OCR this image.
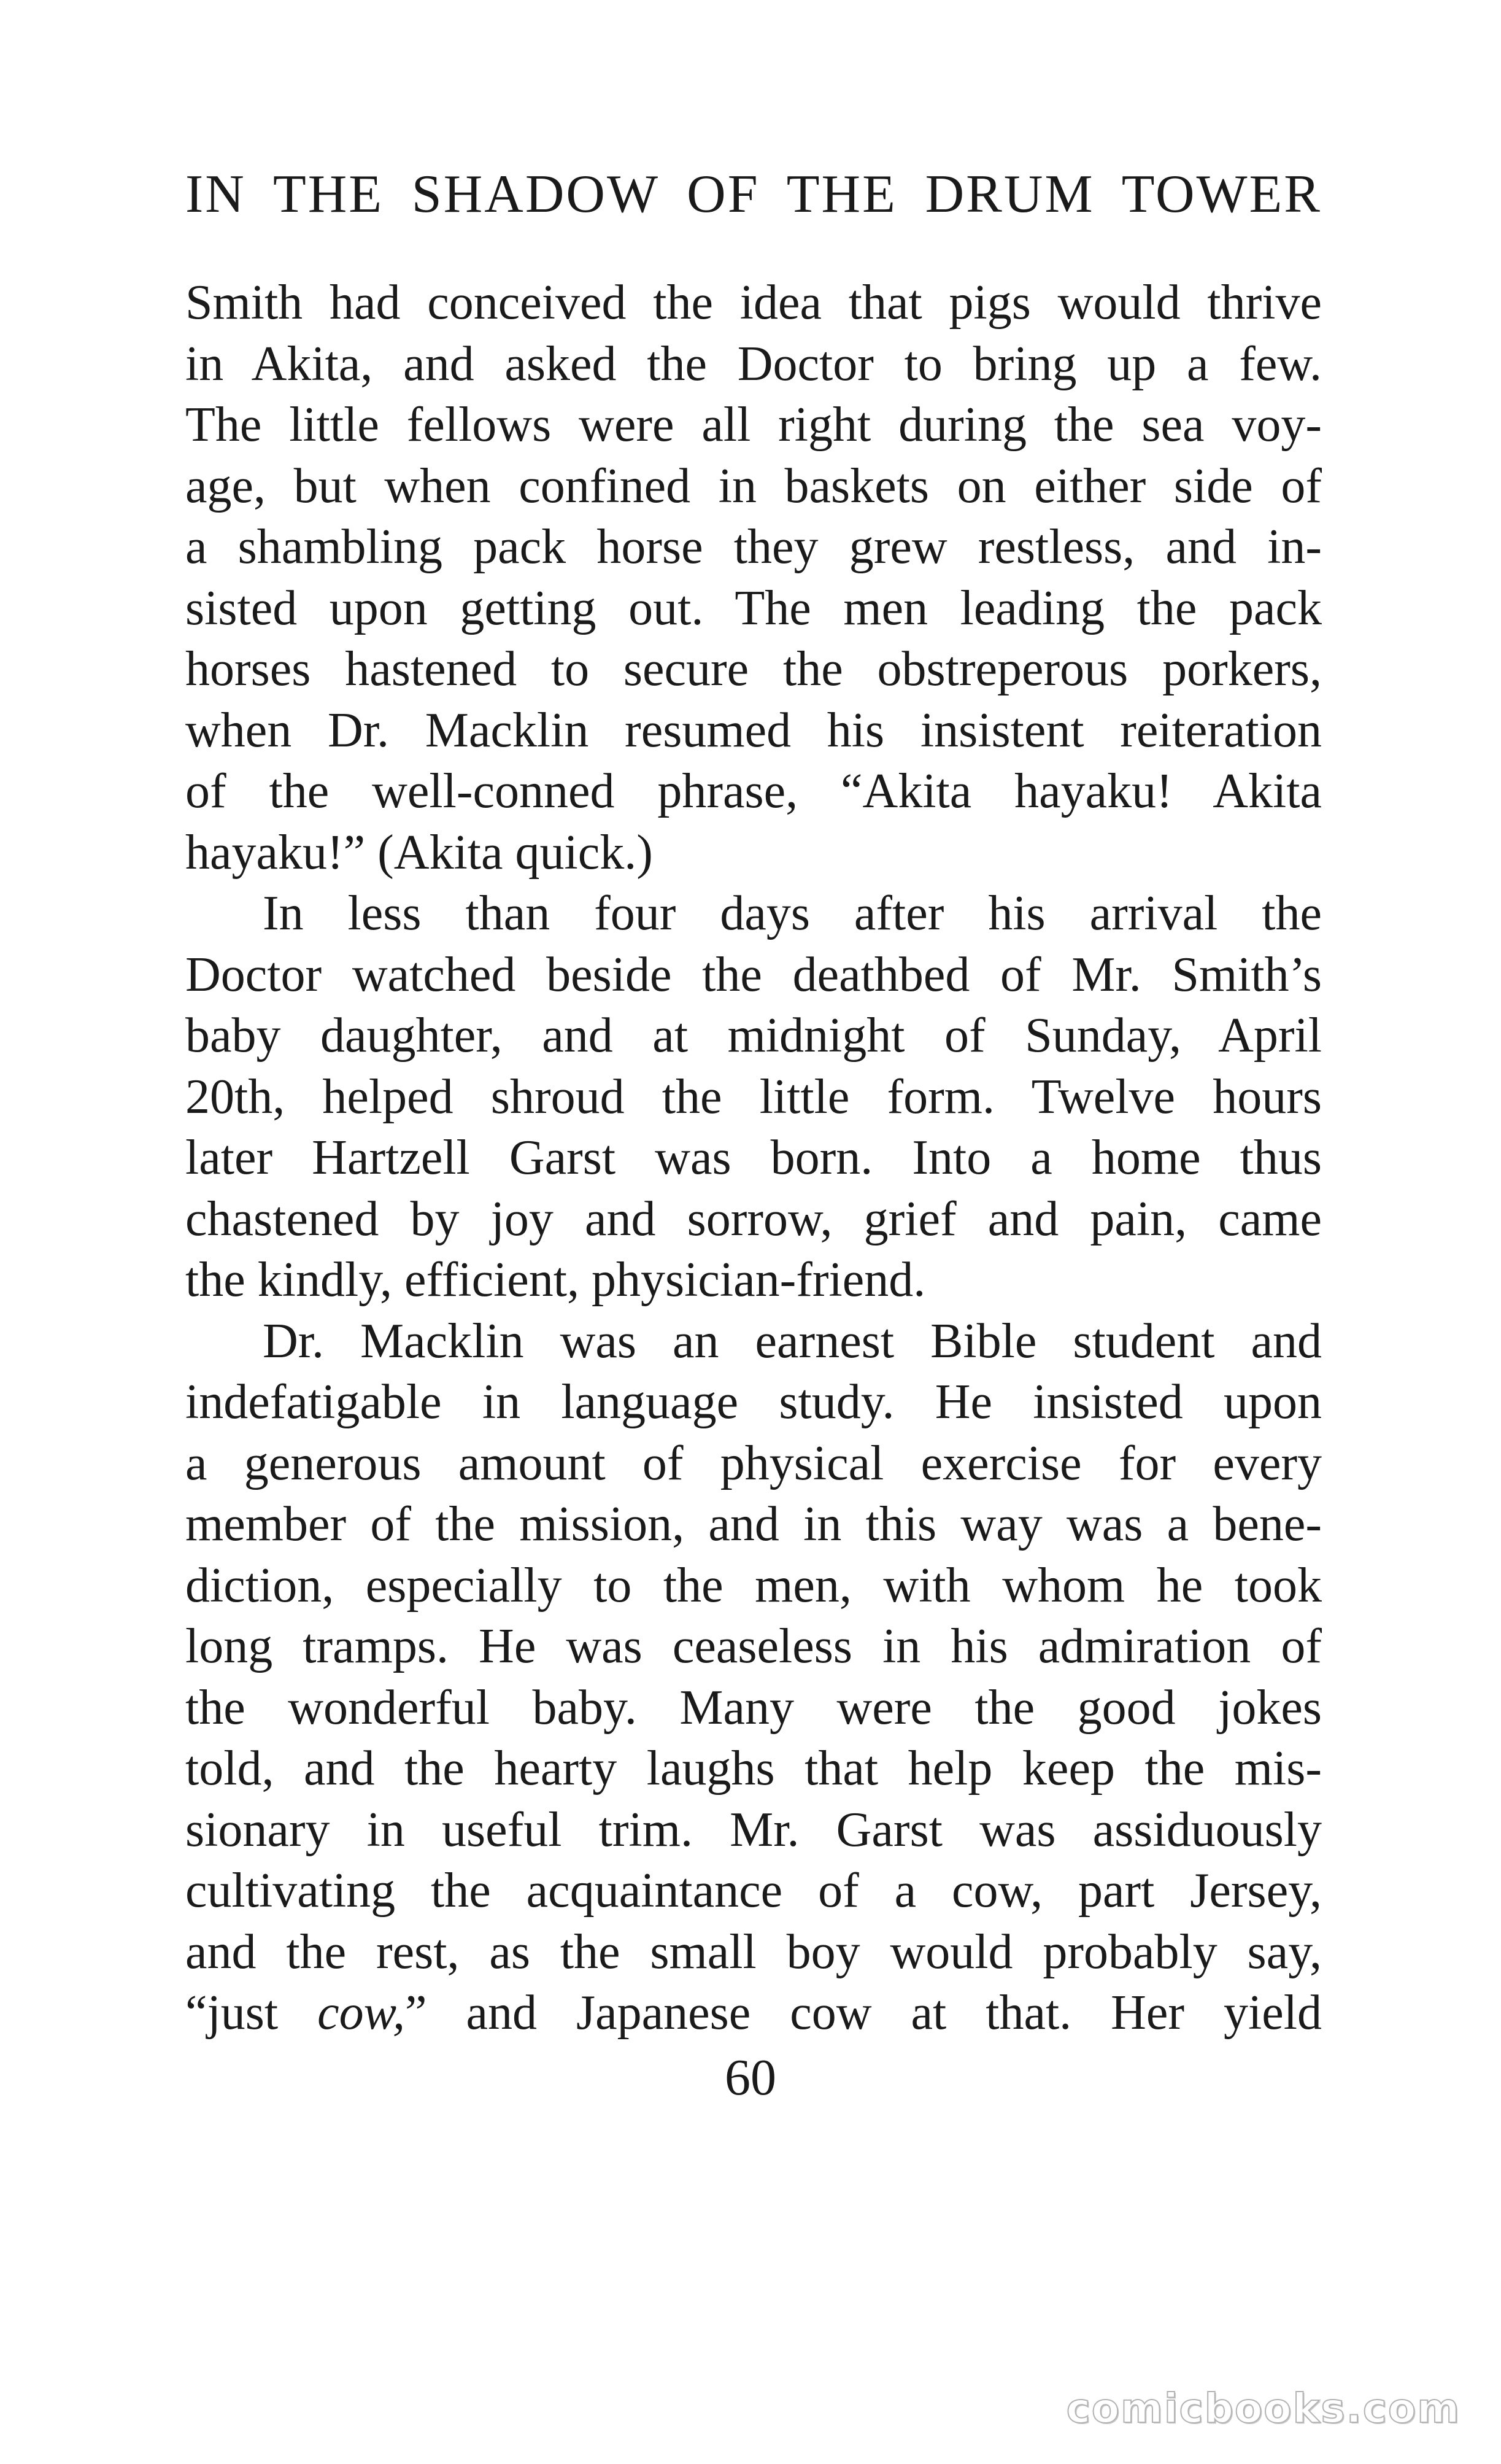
IN THE SHADOW OF THE DRUM TOWER
Smith had conceived the idea that pigs would thrive
in Akita, and asked the Doctor to bring up a few.
The little fellows were all right during the sea voy-
age, but when confined in baskets on either side of
a shambling pack horse they grew restless, and in-
sisted upon getting out. The men leading the pack
horses hastened to secure the obstreperous porkers,
when Dr. Macklin resumed his insistent reiteration
of the well-conned phrase, “Akita hayaku! Akita
hayaku!” (Akita quick.)
In less than four days after his arrival the
Doctor watched beside the deathbed of Mr. Smith’s
baby daughter, and at midnight of Sunday, April
20th, helped shroud the little form. Twelve hours
later Hartzell Garst was born. Into a home thus
chastened by joy and sorrow, grief and pain, came
the kindly, efficient, physician-friend.
Dr. Macklin was an earnest Bible student and
indefatigable in language study. He insisted upon
a generous amount of physical exercise for every
member of the mission, and in this way was a bene-
diction, especially to the men, with whom he took
long tramps. He was ceaseless in his admiration of
the wonderful baby. Many were the good jokes
told, and the hearty laughs that help keep the mis-
sionary in useful trim. Mr. Garst was assiduously
cultivating the acquaintance of a cow, part Jersey,
and the rest, as the small boy would probably say,
“just cow,” and Japanese cow at that. Her yield
60
comicbooks.com
